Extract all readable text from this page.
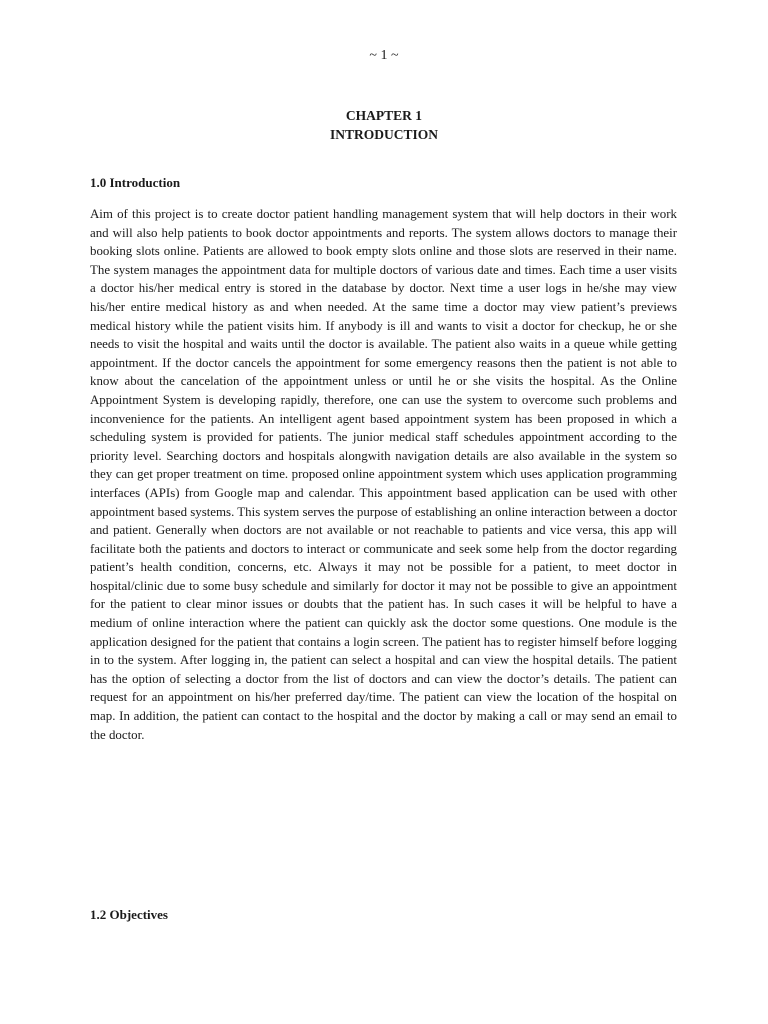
~ 1 ~
CHAPTER 1
INTRODUCTION
1.0 Introduction

Aim of this project is to create doctor patient handling management system that will help doctors in their work and will also help patients to book doctor appointments and reports. The system allows doctors to manage their booking slots online. Patients are allowed to book empty slots online and those slots are reserved in their name. The system manages the appointment data for multiple doctors of various date and times. Each time a user visits a doctor his/her medical entry is stored in the database by doctor. Next time a user logs in he/she may view his/her entire medical history as and when needed. At the same time a doctor may view patient’s previews medical history while the patient visits him. If anybody is ill and wants to visit a doctor for checkup, he or she needs to visit the hospital and waits until the doctor is available. The patient also waits in a queue while getting appointment. If the doctor cancels the appointment for some emergency reasons then the patient is not able to know about the cancelation of the appointment unless or until he or she visits the hospital. As the Online Appointment System is developing rapidly, therefore, one can use the system to overcome such problems and inconvenience for the patients. An intelligent agent based appointment system has been proposed in which a scheduling system is provided for patients. The junior medical staff schedules appointment according to the priority level. Searching doctors and hospitals alongwith navigation details are also available in the system so they can get proper treatment on time. proposed online appointment system which uses application programming interfaces (APIs) from Google map and calendar. This appointment based application can be used with other appointment based systems. This system serves the purpose of establishing an online interaction between a doctor and patient. Generally when doctors are not available or not reachable to patients and vice versa, this app will facilitate both the patients and doctors to interact or communicate and seek some help from the doctor regarding patient’s health condition, concerns, etc. Always it may not be possible for a patient, to meet doctor in hospital/clinic due to some busy schedule and similarly for doctor it may not be possible to give an appointment for the patient to clear minor issues or doubts that the patient has. In such cases it will be helpful to have a medium of online interaction where the patient can quickly ask the doctor some questions. One module is the application designed for the patient that contains a login screen. The patient has to register himself before logging in to the system. After logging in, the patient can select a hospital and can view the hospital details. The patient has the option of selecting a doctor from the list of doctors and can view the doctor’s details. The patient can request for an appointment on his/her preferred day/time. The patient can view the location of the hospital on map. In addition, the patient can contact to the hospital and the doctor by making a call or may send an email to the doctor.

1.2 Objectives
